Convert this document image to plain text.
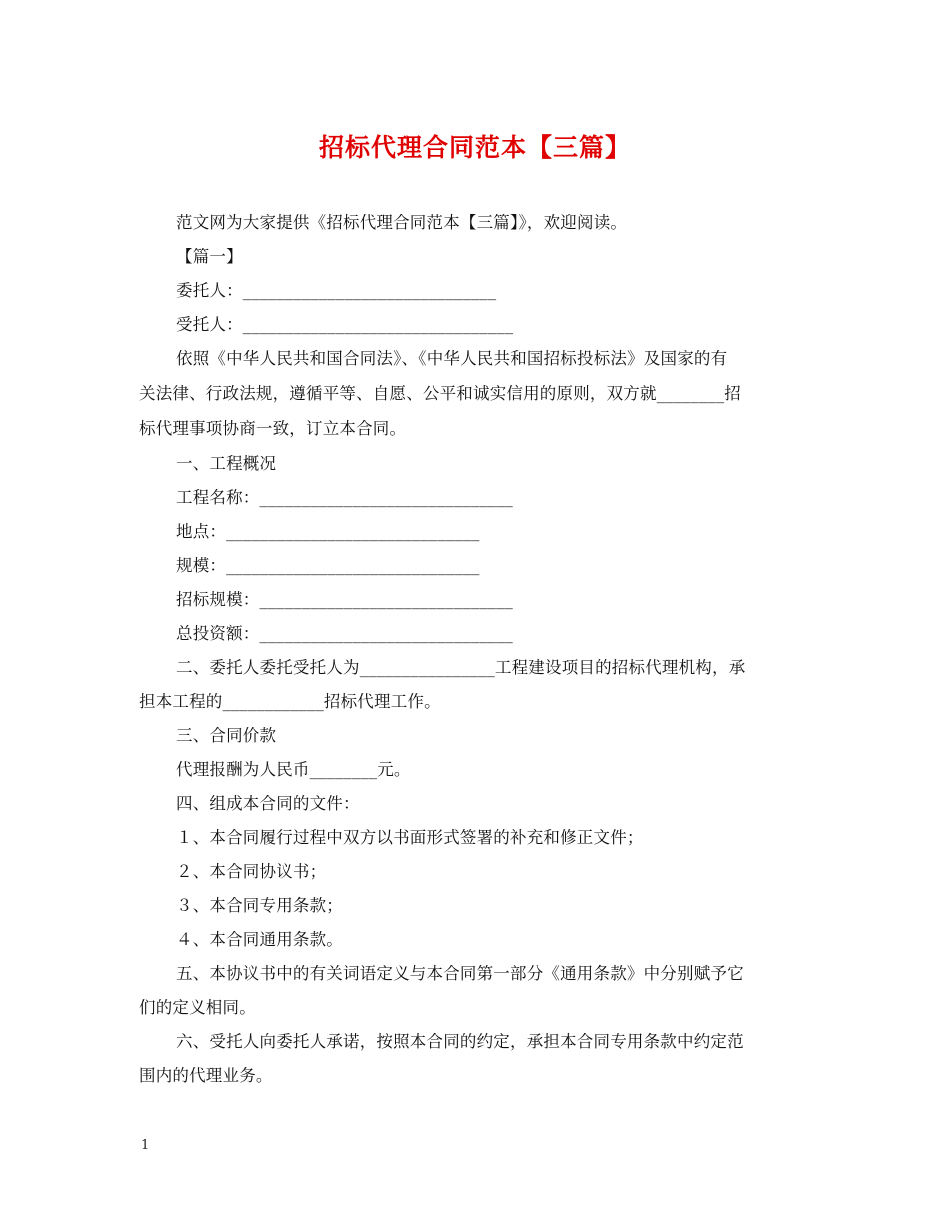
招标代理合同范本【三篇】
范文网为大家提供《招标代理合同范本【三篇】》，欢迎阅读。
【篇一】
委托人：______________________________
受托人：________________________________
依照《中华人民共和国合同法》、《中华人民共和国招标投标法》及国家的有
关法律、行政法规，遵循平等、自愿、公平和诚实信用的原则，双方就________招
标代理事项协商一致，订立本合同。
一、工程概况
工程名称：______________________________
地点：______________________________
规模：______________________________
招标规模：______________________________
总投资额：______________________________
二、委托人委托受托人为________________工程建设项目的招标代理机构，承
担本工程的____________招标代理工作。
三、合同价款
代理报酬为人民币________元。
四、组成本合同的文件：
１、本合同履行过程中双方以书面形式签署的补充和修正文件；
２、本合同协议书；
３、本合同专用条款；
４、本合同通用条款。
五、本协议书中的有关词语定义与本合同第一部分《通用条款》中分别赋予它
们的定义相同。
六、受托人向委托人承诺，按照本合同的约定，承担本合同专用条款中约定范
围内的代理业务。
1
